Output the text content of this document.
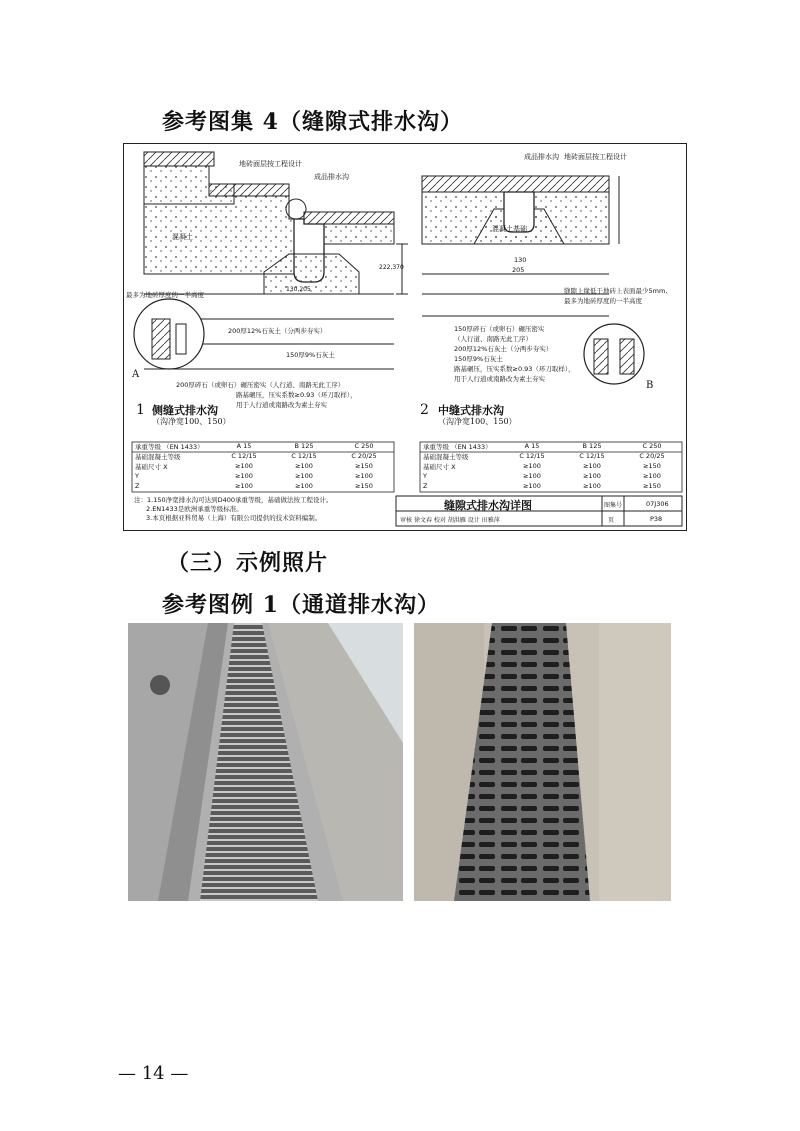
参考图集 4（缝隙式排水沟）
地砖面层按工程设计
成品排水沟
混凝土
130,205
222,370
最多为地砖厚度的一半高度
200厚12%石灰土（分两步夯实）
150厚9%石灰土
200厚碎石（或卵石）碾压密实（人行道、南路无此工序）
路基碾压，压实系数≥0.93（环刀取样），
用于人行道或南路改为素土夯实
1 侧缝式排水沟
（沟净宽100、150）
A
地砖面层按工程设计
成品排水沟
混凝土基础
130
205
缝隙上缘低于地砖上表面最少5mm,
最多为地砖厚度的一半高度
150厚碎石（或卵石）碾压密实
（人行道、南路无此工序）
200厚12%石灰土（分两步夯实）
150厚9%石灰土
路基碾压，压实系数≥0.93（环刀取样），
用于人行道或南路改为素土夯实
2 中缝式排水沟
（沟净宽100、150）
B
承重等级 （EN 1433）	A 15	B 125	C 250
基础混凝土等级	C 12/15	C 12/15	C 20/25
基础尺寸 X	≥100	≥100	≥150
Y	≥100	≥100	≥100
Z	≥100	≥100	≥150
承重等级 （EN 1433）	A 15	B 125	C 250
基础混凝土等级	C 12/15	C 12/15	C 20/25
基础尺寸 X	≥100	≥100	≥150
Y	≥100	≥100	≥100
Z	≥100	≥100	≥150
注：1.150净宽排水沟可达到D400承重等级，基础做法按工程设计。
2.EN1433是欧洲承重等级标准。
3.本页根据亚科贸易（上海）有限公司提供的技术资料编制。
缝隙式排水沟详图	图集号	07J306
审核 徐文春 校对 胡洪雁 设计 田雅萍	页	P38
（三）示例照片
参考图例 1（通道排水沟）
— 14 —
